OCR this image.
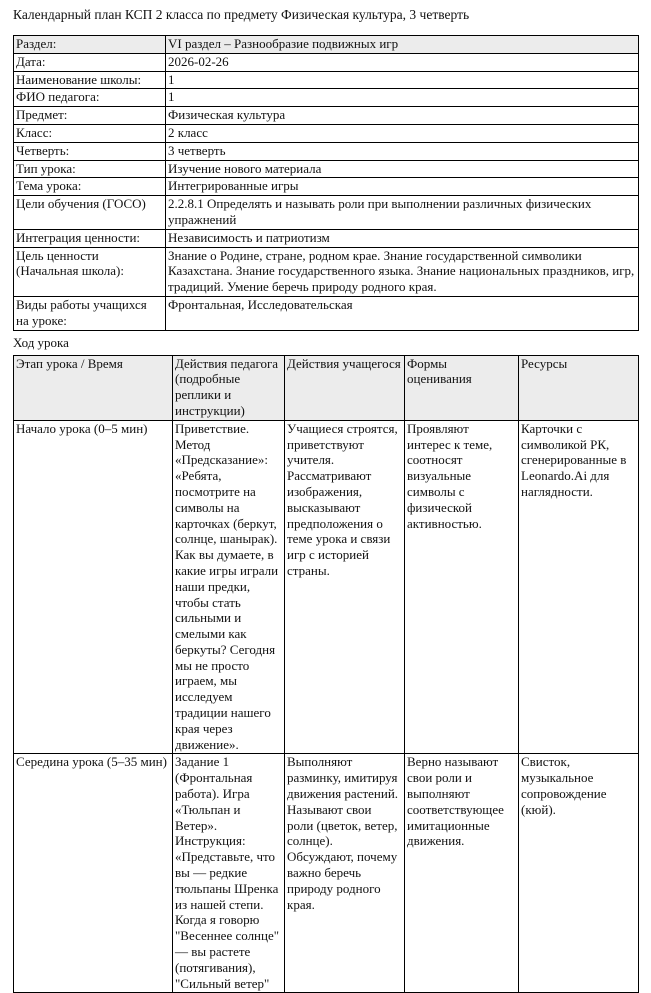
Календарный план КСП 2 класса по предмету Физическая культура, 3 четверть

Раздел:	VI раздел – Разнообразие подвижных игр
Дата:	2026-02-26
Наименование школы:	1
ФИО педагога:	1
Предмет:	Физическая культура
Класс:	2 класс
Четверть:	3 четверть
Тип урока:	Изучение нового материала
Тема урока:	Интегрированные игры
Цели обучения (ГОСО)	2.2.8.1 Определять и называть роли при выполнении различных физических упражнений
Интеграция ценности:	Независимость и патриотизм
Цель ценности (Начальная школа):	Знание о Родине, стране, родном крае. Знание государственной символики Казахстана. Знание государственного языка. Знание национальных праздников, игр, традиций. Умение беречь природу родного края.
Виды работы учащихся на уроке:	Фронтальная, Исследовательская

Ход урока

Этап урока / Время	Действия педагога (подробные реплики и инструкции)	Действия учащегося	Формы оценивания	Ресурсы
Начало урока (0–5 мин)	Приветствие. Метод «Предсказание»: «Ребята, посмотрите на символы на карточках (беркут, солнце, шанырак). Как вы думаете, в какие игры играли наши предки, чтобы стать сильными и смелыми как беркуты? Сегодня мы не просто играем, мы исследуем традиции нашего края через движение».	Учащиеся строятся, приветствуют учителя. Рассматривают изображения, высказывают предположения о теме урока и связи игр с историей страны.	Проявляют интерес к теме, соотносят визуальные символы с физической активностью.	Карточки с символикой РК, сгенерированные в Leonardo.Ai для наглядности.
Середина урока (5–35 мин)	Задание 1 (Фронтальная работа). Игра «Тюльпан и Ветер». Инструкция: «Представьте, что вы — редкие тюльпаны Шренка из нашей степи. Когда я говорю "Весеннее солнце" — вы растете (потягивания), "Сильный ветер"	Выполняют разминку, имитируя движения растений. Называют свои роли (цветок, ветер, солнце). Обсуждают, почему важно беречь природу родного края.	Верно называют свои роли и выполняют соответствующее имитационные движения.	Свисток, музыкальное сопровождение (кюй).
